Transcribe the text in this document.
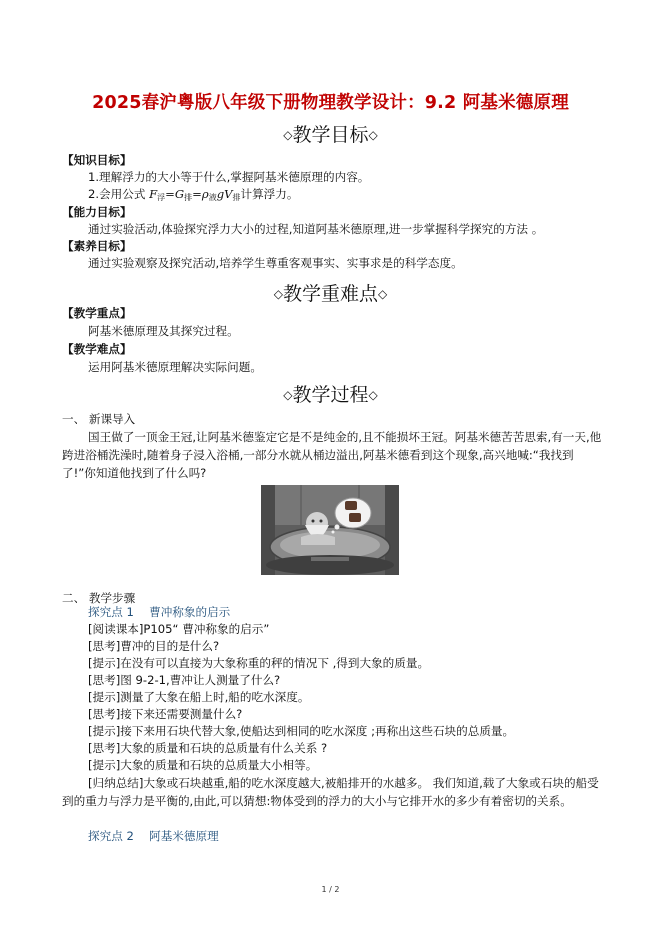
2025春沪粤版八年级下册物理教学设计：9.2 阿基米德原理
◇教学目标◇
【知识目标】
1.理解浮力的大小等于什么,掌握阿基米德原理的内容。
2.会用公式 $F_浮=G_排=\rho_液gV_排$计算浮力。
【能力目标】
通过实验活动,体验探究浮力大小的过程,知道阿基米德原理,进一步掌握科学探究的方法 。
【素养目标】
通过实验观察及探究活动,培养学生尊重客观事实、实事求是的科学态度。
◇教学重难点◇
【教学重点】
阿基米德原理及其探究过程。
【教学难点】
运用阿基米德原理解决实际问题。
◇教学过程◇
一、 新课导入
国王做了一顶金王冠,让阿基米德鉴定它是不是纯金的,且不能损坏王冠。阿基米德苦苦思索,有一天,他跨进浴桶洗澡时,随着身子浸入浴桶,一部分水就从桶边溢出,阿基米德看到这个现象,高兴地喊:“我找到了!”你知道他找到了什么吗?
二、 教学步骤
探究点 1　 曹冲称象的启示
[阅读课本]P105“ 曹冲称象的启示”
[思考]曹冲的目的是什么?
[提示]在没有可以直接为大象称重的秤的情况下 ,得到大象的质量。
[思考]图 9-2-1,曹冲让人测量了什么?
[提示]测量了大象在船上时,船的吃水深度。
[思考]接下来还需要测量什么?
[提示]接下来用石块代替大象,使船达到相同的吃水深度 ;再称出这些石块的总质量。
[思考]大象的质量和石块的总质量有什么关系 ?
[提示]大象的质量和石块的总质量大小相等。
[归纳总结]大象或石块越重,船的吃水深度越大,被船排开的水越多。 我们知道,载了大象或石块的船受到的重力与浮力是平衡的,由此,可以猜想:物体受到的浮力的大小与它排开水的多少有着密切的关系。
探究点 2　 阿基米德原理
1 / 2
